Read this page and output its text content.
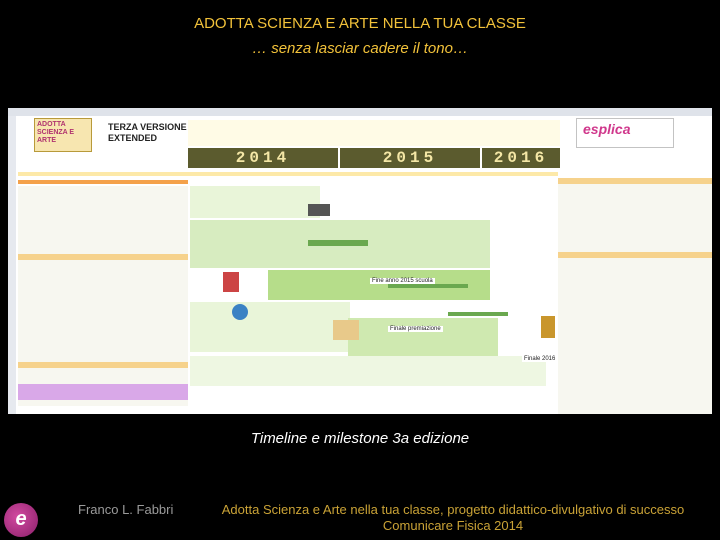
ADOTTA SCIENZA E ARTE NELLA TUA CLASSE
… senza lasciar cadere il tono…
ADOTTA SCIENZA E ARTE
TERZA VERSIONE
EXTENDED
2014	2015	2016
esplica
Finale premiazione
Fine anno 2015 scuola
Finale 2016
Timeline e milestone 3a edizione
e	Franco L. Fabbri	Adotta Scienza e Arte nella tua classe, progetto didattico-divulgativo di successo
Comunicare Fisica 2014
